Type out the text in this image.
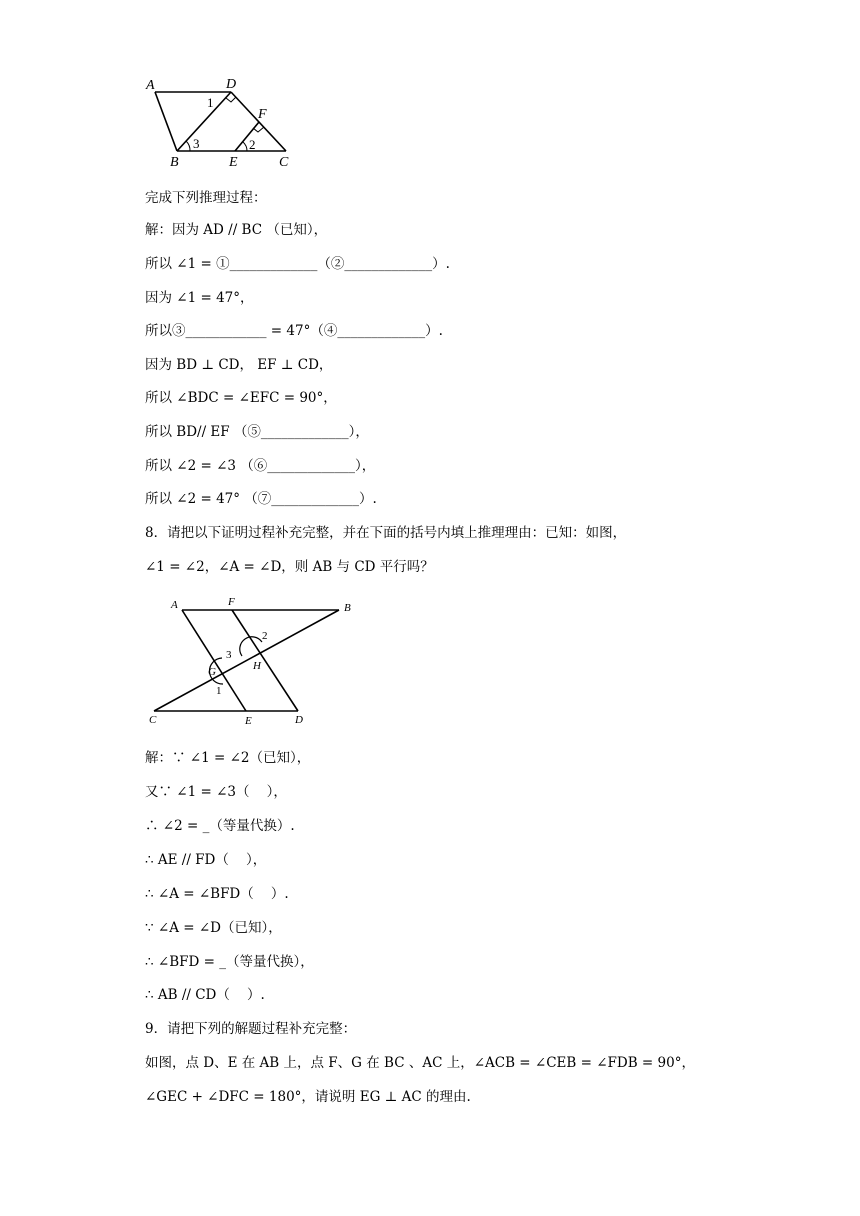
A	D
F
B	E	C
1
3	2
完成下列推理过程：
解：因为 AD // BC （已知），
所以 ∠1 = ①_____________（②_____________）.
因为 ∠1 = 47°，
所以③____________ = 47°（④_____________）.
因为 BD ⊥ CD， EF ⊥ CD，
所以 ∠BDC = ∠EFC = 90°，
所以 BD// EF （⑤_____________），
所以 ∠2 = ∠3 （⑥_____________），
所以 ∠2 = 47° （⑦_____________）.
8．请把以下证明过程补充完整，并在下面的括号内填上推理理由：已知：如图，
∠1 = ∠2，∠A = ∠D，则 AB 与 CD 平行吗？
A	F	B
G	H
C	E	D
3
2
1
解：∵ ∠1 = ∠2（已知），
又∵ ∠1 = ∠3（    ），
∴ ∠2 = _（等量代换）.
∴ AE // FD（    ），
∴ ∠A = ∠BFD（    ）.
∵ ∠A = ∠D（已知），
∴ ∠BFD = _（等量代换），
∴ AB // CD（    ）.
9．请把下列的解题过程补充完整：
如图，点 D、E 在 AB 上，点 F、G 在 BC 、AC 上，∠ACB = ∠CEB = ∠FDB = 90°，
∠GEC + ∠DFC = 180°，请说明 EG ⊥ AC 的理由.
